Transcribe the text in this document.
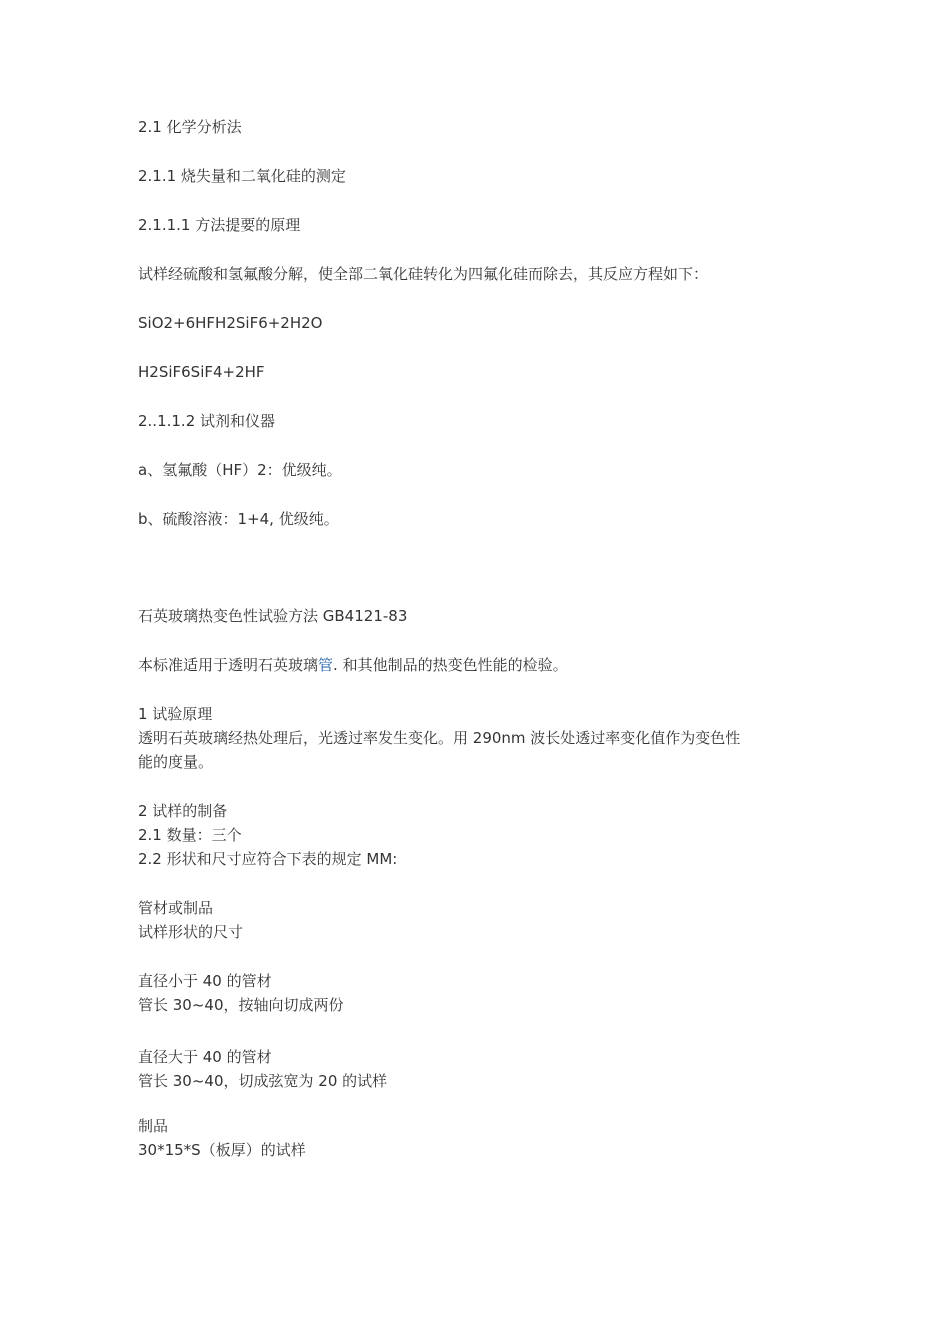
2.1 化学分析法
2.1.1 烧失量和二氧化硅的测定
2.1.1.1 方法提要的原理
试样经硫酸和氢氟酸分解，使全部二氧化硅转化为四氟化硅而除去，其反应方程如下：
SiO2+6HFH2SiF6+2H2O
H2SiF6SiF4+2HF
2..1.1.2 试剂和仪器
a、氢氟酸（HF）2：优级纯。
b、硫酸溶液：1+4, 优级纯。
石英玻璃热变色性试验方法 GB4121-83
本标准适用于透明石英玻璃管. 和其他制品的热变色性能的检验。
1 试验原理
透明石英玻璃经热处理后，光透过率发生变化。用 290nm 波长处透过率变化值作为变色性
能的度量。
2 试样的制备
2.1 数量：三个
2.2 形状和尺寸应符合下表的规定 MM:
管材或制品
试样形状的尺寸
直径小于 40 的管材
管长 30~40，按轴向切成两份
直径大于 40 的管材
管长 30~40，切成弦宽为 20 的试样
制品
30*15*S（板厚）的试样
